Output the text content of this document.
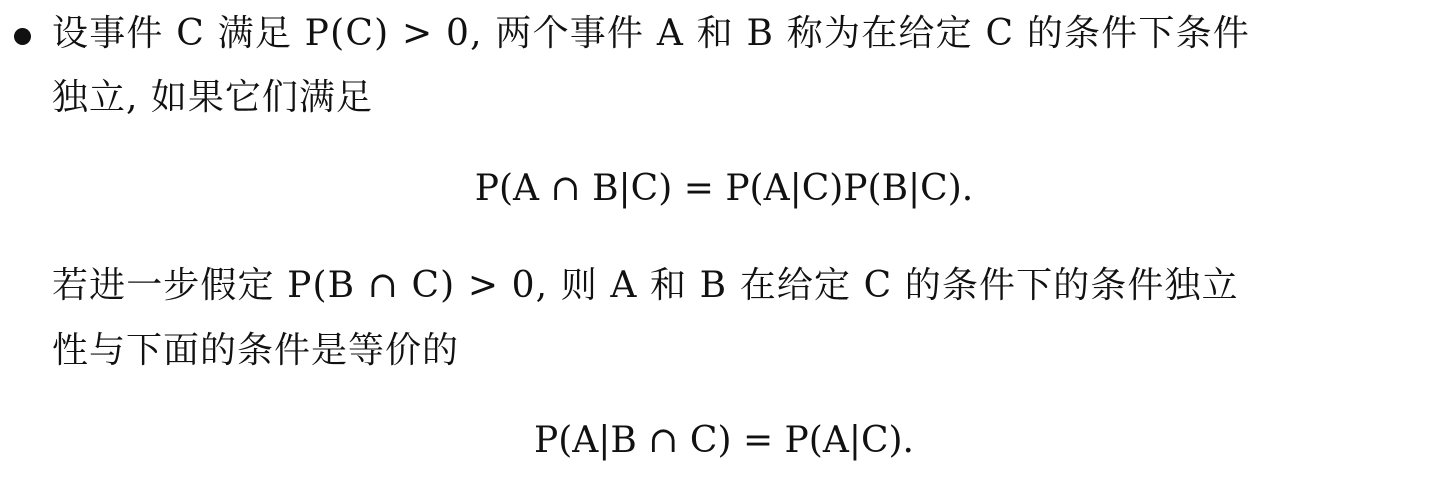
设事件 C 满足 P(C) > 0, 两个事件 A 和 B 称为在给定 C 的条件下条件
独立, 如果它们满足
P(A ∩ B|C) = P(A|C)P(B|C).
若进一步假定 P(B ∩ C) > 0, 则 A 和 B 在给定 C 的条件下的条件独立
性与下面的条件是等价的
P(A|B ∩ C) = P(A|C).
